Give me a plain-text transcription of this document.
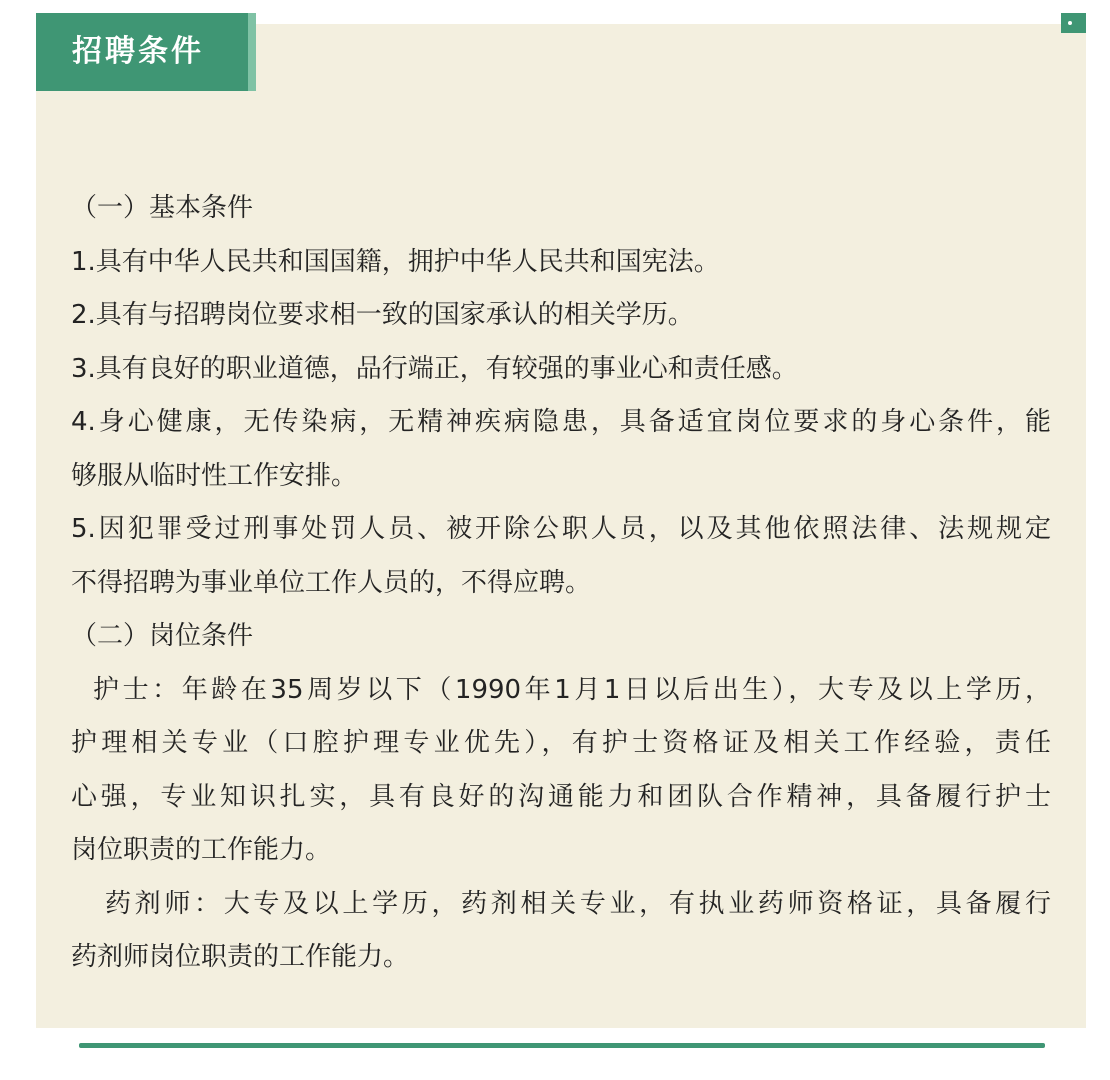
招聘条件
（一）基本条件
1.具有中华人民共和国国籍，拥护中华人民共和国宪法。
2.具有与招聘岗位要求相一致的国家承认的相关学历。
3.具有良好的职业道德，品行端正，有较强的事业心和责任感。
4.身心健康，无传染病，无精神疾病隐患，具备适宜岗位要求的身心条件，能
够服从临时性工作安排。
5.因犯罪受过刑事处罚人员、被开除公职人员，以及其他依照法律、法规规定
不得招聘为事业单位工作人员的，不得应聘。
（二）岗位条件
护士：年龄在35周岁以下（1990年1月1日以后出生），大专及以上学历，
护理相关专业（口腔护理专业优先），有护士资格证及相关工作经验，责任
心强，专业知识扎实，具有良好的沟通能力和团队合作精神，具备履行护士
岗位职责的工作能力。
药剂师：大专及以上学历，药剂相关专业，有执业药师资格证，具备履行
药剂师岗位职责的工作能力。
